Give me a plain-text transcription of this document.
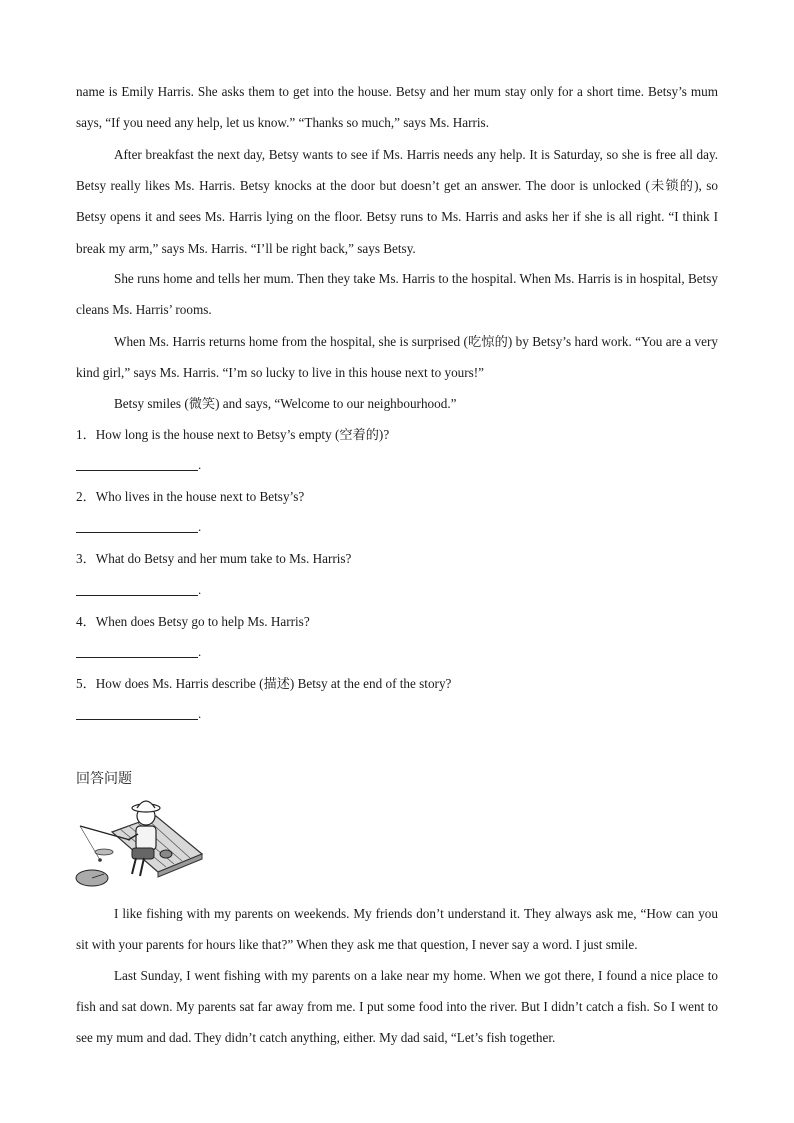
name is Emily Harris. She asks them to get into the house. Betsy and her mum stay only for a short time. Betsy’s mum says, “If you need any help, let us know.” “Thanks so much,” says Ms. Harris.

After breakfast the next day, Betsy wants to see if Ms. Harris needs any help. It is Saturday, so she is free all day. Betsy really likes Ms. Harris. Betsy knocks at the door but doesn’t get an answer. The door is unlocked (未锁的), so Betsy opens it and sees Ms. Harris lying on the floor. Betsy runs to Ms. Harris and asks her if she is all right. “I think I break my arm,” says Ms. Harris. “I’ll be right back,” says Betsy.

She runs home and tells her mum. Then they take Ms. Harris to the hospital. When Ms. Harris is in hospital, Betsy cleans Ms. Harris’ rooms.

When Ms. Harris returns home from the hospital, she is surprised (吃惊的) by Betsy’s hard work. “You are a very kind girl,” says Ms. Harris. “I’m so lucky to live in this house next to yours!”

Betsy smiles (微笑) and says, “Welcome to our neighbourhood.”

1．How long is the house next to Betsy’s empty (空着的)?

.

2．Who lives in the house next to Betsy’s?

.

3．What do Betsy and her mum take to Ms. Harris?

.

4．When does Betsy go to help Ms. Harris?

.

5．How does Ms. Harris describe (描述) Betsy at the end of the story?

.

回答问题

I like fishing with my parents on weekends. My friends don’t understand it. They always ask me, “How can you sit with your parents for hours like that?” When they ask me that question, I never say a word. I just smile.

Last Sunday, I went fishing with my parents on a lake near my home. When we got there, I found a nice place to fish and sat down. My parents sat far away from me. I put some food into the river. But I didn’t catch a fish. So I went to see my mum and dad. They didn’t catch anything, either. My dad said, “Let’s fish together.
